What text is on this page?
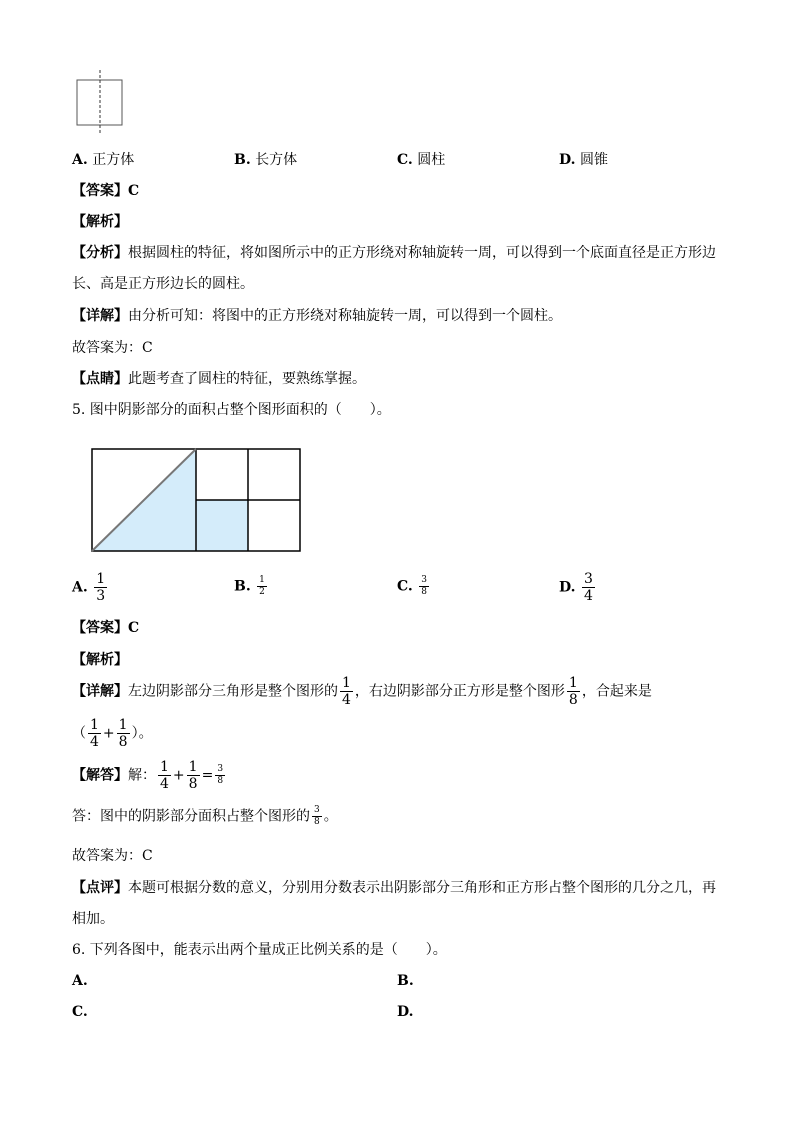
A. 正方体	B. 长方体	C. 圆柱	D. 圆锥
【答案】C
【解析】
【分析】根据圆柱的特征，将如图所示中的正方形绕对称轴旋转一周，可以得到一个底面直径是正方形边
长、高是正方形边长的圆柱。
【详解】由分析可知：将图中的正方形绕对称轴旋转一周，可以得到一个圆柱。
故答案为：C
【点睛】此题考查了圆柱的特征，要熟练掌握。
5. 图中阴影部分的面积占整个图形面积的（　　）。
A. $\frac{1}{3}$	B. $\frac{1}{2}$	C. $\frac{3}{8}$	D. $\frac{3}{4}$
【答案】C
【解析】
【详解】左边阴影部分三角形是整个图形的 $\frac{1}{4}$ ，右边阴影部分正方形是整个图形 $\frac{1}{8}$ ，合起来是
（ $\frac{1}{4} + \frac{1}{8}$ ）。
【解答】解： $\frac{1}{4} + \frac{1}{8} = \frac{3}{8}$
答：图中的阴影部分面积占整个图形的 $\frac{3}{8}$ 。
故答案为：C
【点评】本题可根据分数的意义，分别用分数表示出阴影部分三角形和正方形占整个图形的几分之几，再
相加。
6. 下列各图中，能表示出两个量成正比例关系的是（　　）。
A.	B.
C.	D.
